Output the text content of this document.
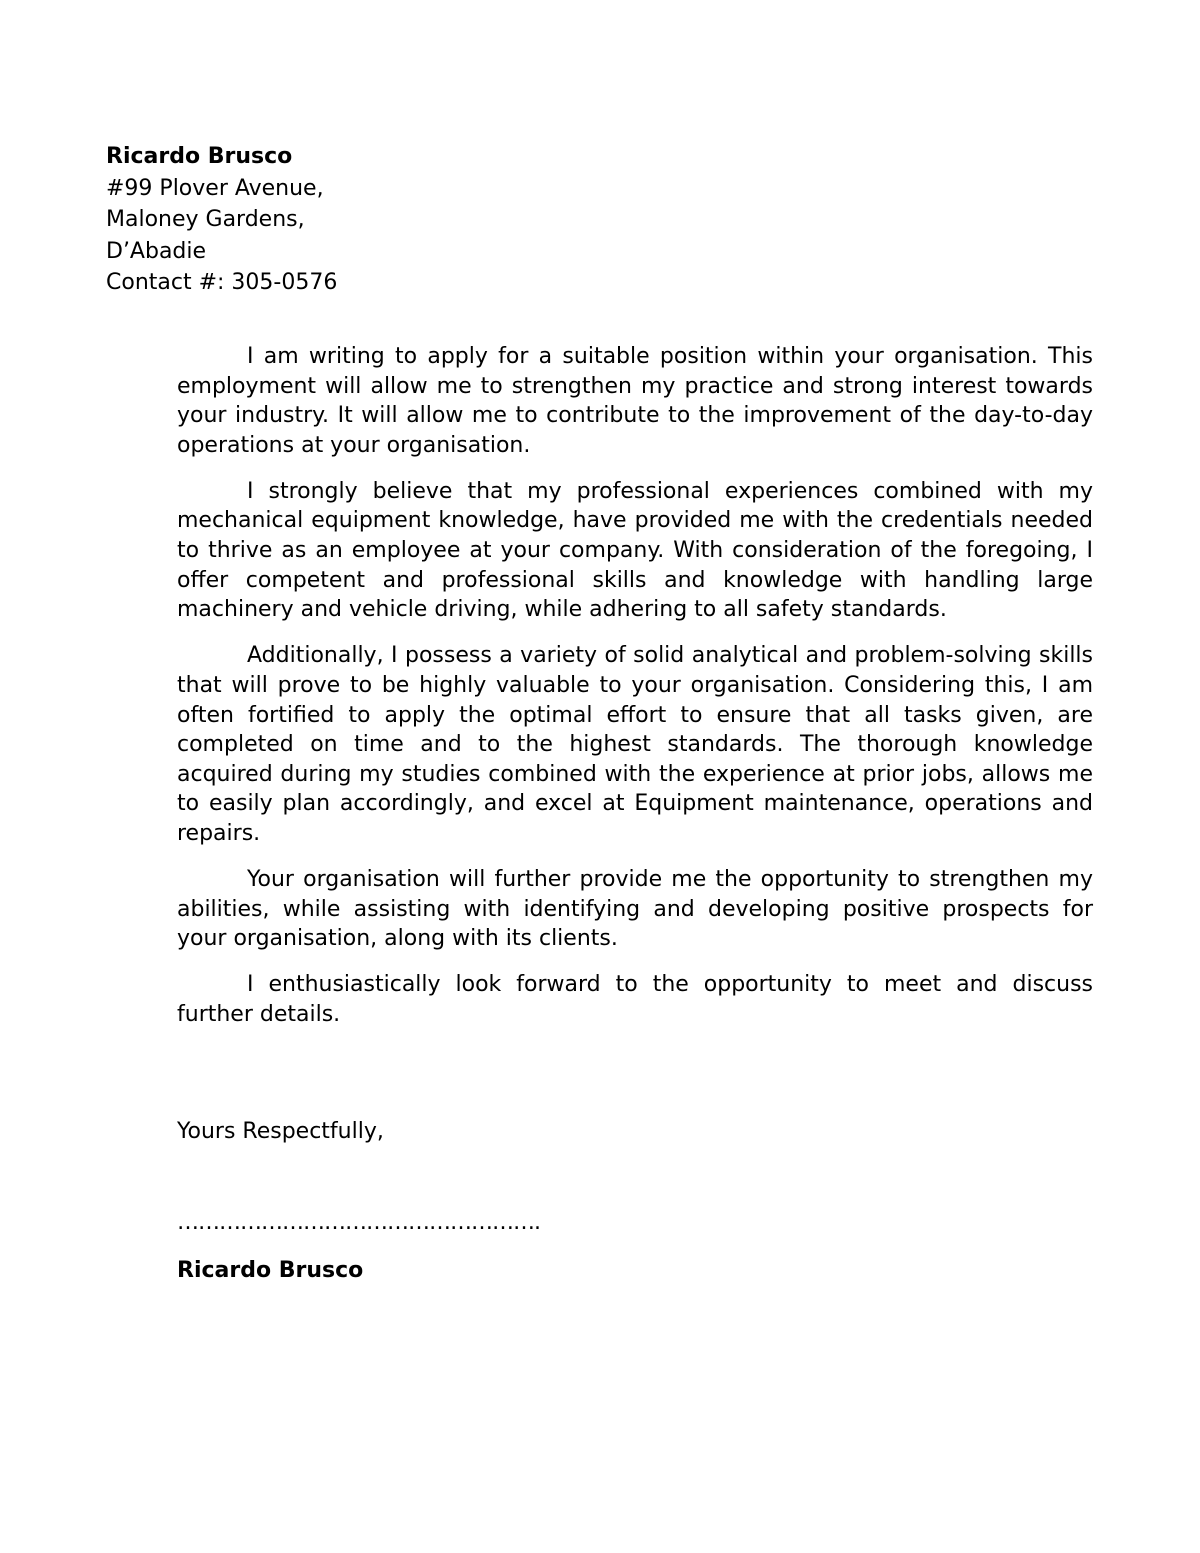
Ricardo Brusco
#99 Plover Avenue,
Maloney Gardens,
D’Abadie
Contact #: 305-0576

I am writing to apply for a suitable position within your organisation. This employment will allow me to strengthen my practice and strong interest towards your industry. It will allow me to contribute to the improvement of the day-to-day operations at your organisation.

I strongly believe that my professional experiences combined with my mechanical equipment knowledge, have provided me with the credentials needed to thrive as an employee at your company. With consideration of the foregoing, I offer competent and professional skills and knowledge with handling large machinery and vehicle driving, while adhering to all safety standards.

Additionally, I possess a variety of solid analytical and problem-solving skills that will prove to be highly valuable to your organisation. Considering this, I am often fortified to apply the optimal effort to ensure that all tasks given, are completed on time and to the highest standards. The thorough knowledge acquired during my studies combined with the experience at prior jobs, allows me to easily plan accordingly, and excel at Equipment maintenance, operations and repairs.

Your organisation will further provide me the opportunity to strengthen my abilities, while assisting with identifying and developing positive prospects for your organisation, along with its clients.

I enthusiastically look forward to the opportunity to meet and discuss further details.

Yours Respectfully,
…………………………………………….
Ricardo Brusco
